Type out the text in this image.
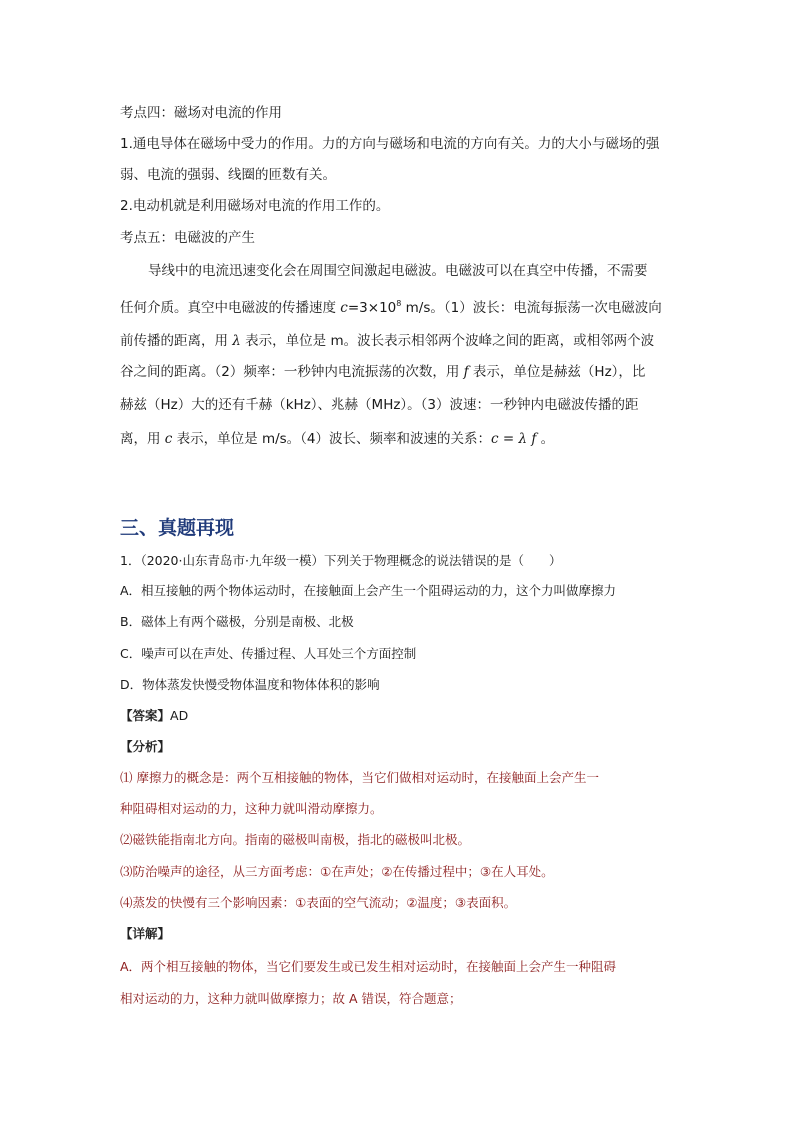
考点四：磁场对电流的作用
1.通电导体在磁场中受力的作用。力的方向与磁场和电流的方向有关。力的大小与磁场的强
弱、电流的强弱、线圈的匝数有关。
2.电动机就是利用磁场对电流的作用工作的。
考点五：电磁波的产生
导线中的电流迅速变化会在周围空间激起电磁波。电磁波可以在真空中传播，不需要
任何介质。真空中电磁波的传播速度 $c=3\times 10^8$ m/s。（1）波长：电流每振荡一次电磁波向
前传播的距离，用 λ 表示，单位是 m。波长表示相邻两个波峰之间的距离，或相邻两个波
谷之间的距离。（2）频率：一秒钟内电流振荡的次数，用 f 表示，单位是赫兹（Hz），比
赫兹（Hz）大的还有千赫（kHz）、兆赫（MHz）。（3）波速：一秒钟内电磁波传播的距
离，用 c 表示，单位是 m/s。（4）波长、频率和波速的关系：c = λ f 。
三、真题再现
1．（2020·山东青岛市·九年级一模）下列关于物理概念的说法错误的是（　　）
A．相互接触的两个物体运动时，在接触面上会产生一个阻碍运动的力，这个力叫做摩擦力
B．磁体上有两个磁极，分别是南极、北极
C．噪声可以在声处、传播过程、人耳处三个方面控制
D．物体蒸发快慢受物体温度和物体体积的影响
【答案】AD
【分析】
⑴ 摩擦力的概念是：两个互相接触的物体，当它们做相对运动时，在接触面上会产生一
种阻碍相对运动的力，这种力就叫滑动摩擦力。
⑵磁铁能指南北方向。指南的磁极叫南极，指北的磁极叫北极。
⑶防治噪声的途径，从三方面考虑：①在声处；②在传播过程中；③在人耳处。
⑷蒸发的快慢有三个影响因素：①表面的空气流动；②温度；③表面积。
【详解】
A．两个相互接触的物体，当它们要发生或已发生相对运动时，在接触面上会产生一种阻碍
相对运动的力，这种力就叫做摩擦力；故 A 错误，符合题意；
